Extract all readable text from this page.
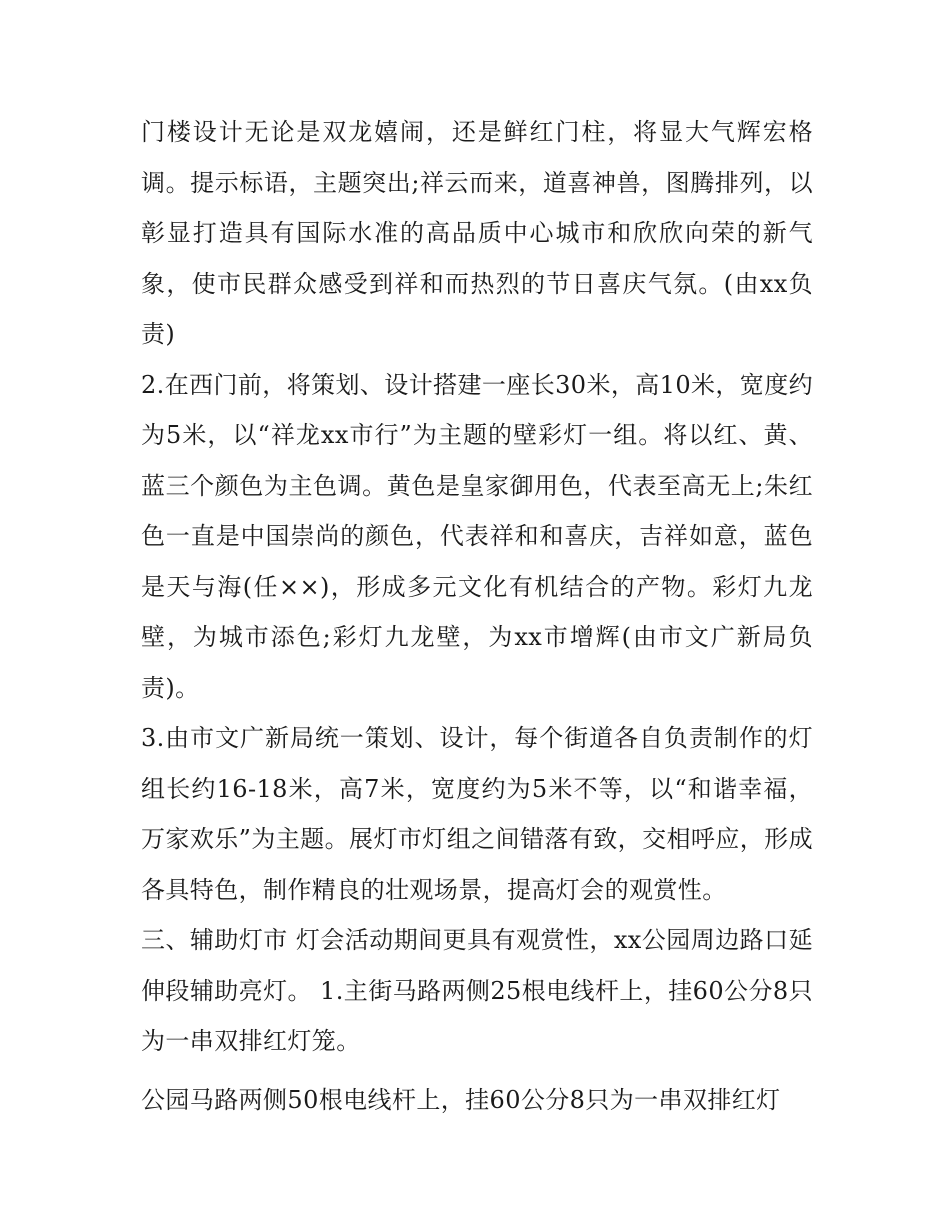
门楼设计无论是双龙嬉闹，还是鲜红门柱，将显大气辉宏格调。提示标语，主题突出;祥云而来，道喜神兽，图腾排列，以彰显打造具有国际水准的高品质中心城市和欣欣向荣的新气象，使市民群众感受到祥和而热烈的节日喜庆气氛。(由xx负责)

2.在西门前，将策划、设计搭建一座长30米，高10米，宽度约为5米，以“祥龙xx市行”为主题的壁彩灯一组。将以红、黄、蓝三个颜色为主色调。黄色是皇家御用色，代表至高无上;朱红色一直是中国崇尚的颜色，代表祥和和喜庆，吉祥如意，蓝色是天与海(任××)，形成多元文化有机结合的产物。彩灯九龙壁，为城市添色;彩灯九龙壁，为xx市增辉(由市文广新局负责)。

3.由市文广新局统一策划、设计，每个街道各自负责制作的灯组长约16-18米，高7米，宽度约为5米不等，以“和谐幸福，万家欢乐”为主题。展灯市灯组之间错落有致，交相呼应，形成各具特色，制作精良的壮观场景，提高灯会的观赏性。

三、辅助灯市 灯会活动期间更具有观赏性，xx公园周边路口延伸段辅助亮灯。 1.主街马路两侧25根电线杆上，挂60公分8只为一串双排红灯笼。

公园马路两侧50根电线杆上，挂60公分8只为一串双排红灯
